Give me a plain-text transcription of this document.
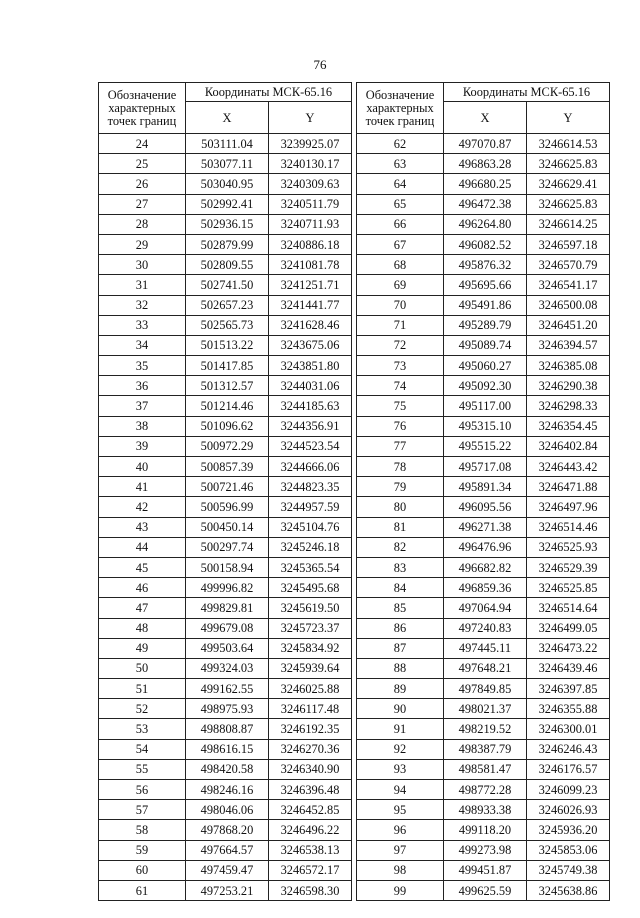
76
Обозначение характерных точек границ	Координаты МСК-65.16	
	X	Y
24	503111.04	3239925.07
25	503077.11	3240130.17
26	503040.95	3240309.63
27	502992.41	3240511.79
28	502936.15	3240711.93
29	502879.99	3240886.18
30	502809.55	3241081.78
31	502741.50	3241251.71
32	502657.23	3241441.77
33	502565.73	3241628.46
34	501513.22	3243675.06
35	501417.85	3243851.80
36	501312.57	3244031.06
37	501214.46	3244185.63
38	501096.62	3244356.91
39	500972.29	3244523.54
40	500857.39	3244666.06
41	500721.46	3244823.35
42	500596.99	3244957.59
43	500450.14	3245104.76
44	500297.74	3245246.18
45	500158.94	3245365.54
46	499996.82	3245495.68
47	499829.81	3245619.50
48	499679.08	3245723.37
49	499503.64	3245834.92
50	499324.03	3245939.64
51	499162.55	3246025.88
52	498975.93	3246117.48
53	498808.87	3246192.35
54	498616.15	3246270.36
55	498420.58	3246340.90
56	498246.16	3246396.48
57	498046.06	3246452.85
58	497868.20	3246496.22
59	497664.57	3246538.13
60	497459.47	3246572.17
61	497253.21	3246598.30
Обозначение характерных точек границ	Координаты МСК-65.16	
	X	Y
62	497070.87	3246614.53
63	496863.28	3246625.83
64	496680.25	3246629.41
65	496472.38	3246625.83
66	496264.80	3246614.25
67	496082.52	3246597.18
68	495876.32	3246570.79
69	495695.66	3246541.17
70	495491.86	3246500.08
71	495289.79	3246451.20
72	495089.74	3246394.57
73	495060.27	3246385.08
74	495092.30	3246290.38
75	495117.00	3246298.33
76	495315.10	3246354.45
77	495515.22	3246402.84
78	495717.08	3246443.42
79	495891.34	3246471.88
80	496095.56	3246497.96
81	496271.38	3246514.46
82	496476.96	3246525.93
83	496682.82	3246529.39
84	496859.36	3246525.85
85	497064.94	3246514.64
86	497240.83	3246499.05
87	497445.11	3246473.22
88	497648.21	3246439.46
89	497849.85	3246397.85
90	498021.37	3246355.88
91	498219.52	3246300.01
92	498387.79	3246246.43
93	498581.47	3246176.57
94	498772.28	3246099.23
95	498933.38	3246026.93
96	499118.20	3245936.20
97	499273.98	3245853.06
98	499451.87	3245749.38
99	499625.59	3245638.86
